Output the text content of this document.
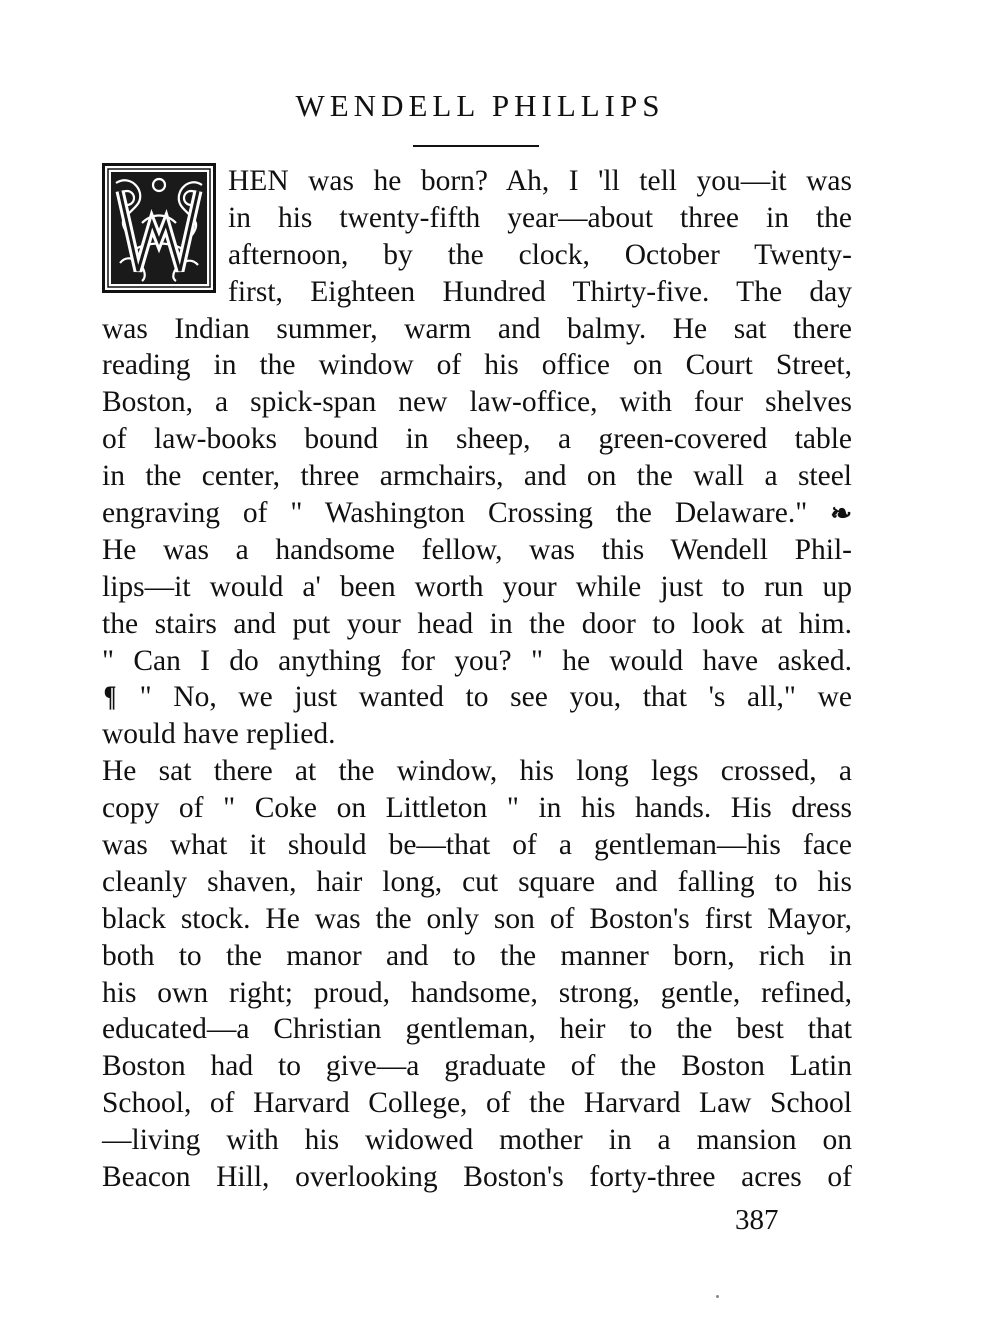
WENDELL PHILLIPS
HEN was he born? Ah, I 'll tell you—it was
in his twenty-fifth year—about three in the
afternoon, by the clock, October Twenty-
first, Eighteen Hundred Thirty-five. The day
was Indian summer, warm and balmy. He sat there
reading in the window of his office on Court Street,
Boston, a spick-span new law-office, with four shelves
of law-books bound in sheep, a green-covered table
in the center, three armchairs, and on the wall a steel
engraving of " Washington Crossing the Delaware." ❧
He was a handsome fellow, was this Wendell Phil-
lips—it would a' been worth your while just to run up
the stairs and put your head in the door to look at him.
" Can I do anything for you? " he would have asked.
¶ " No, we just wanted to see you, that 's all," we
would have replied.
He sat there at the window, his long legs crossed, a
copy of " Coke on Littleton " in his hands. His dress
was what it should be—that of a gentleman—his face
cleanly shaven, hair long, cut square and falling to his
black stock. He was the only son of Boston's first Mayor,
both to the manor and to the manner born, rich in
his own right; proud, handsome, strong, gentle, refined,
educated—a Christian gentleman, heir to the best that
Boston had to give—a graduate of the Boston Latin
School, of Harvard College, of the Harvard Law School
—living with his widowed mother in a mansion on
Beacon Hill, overlooking Boston's forty-three acres of
387
